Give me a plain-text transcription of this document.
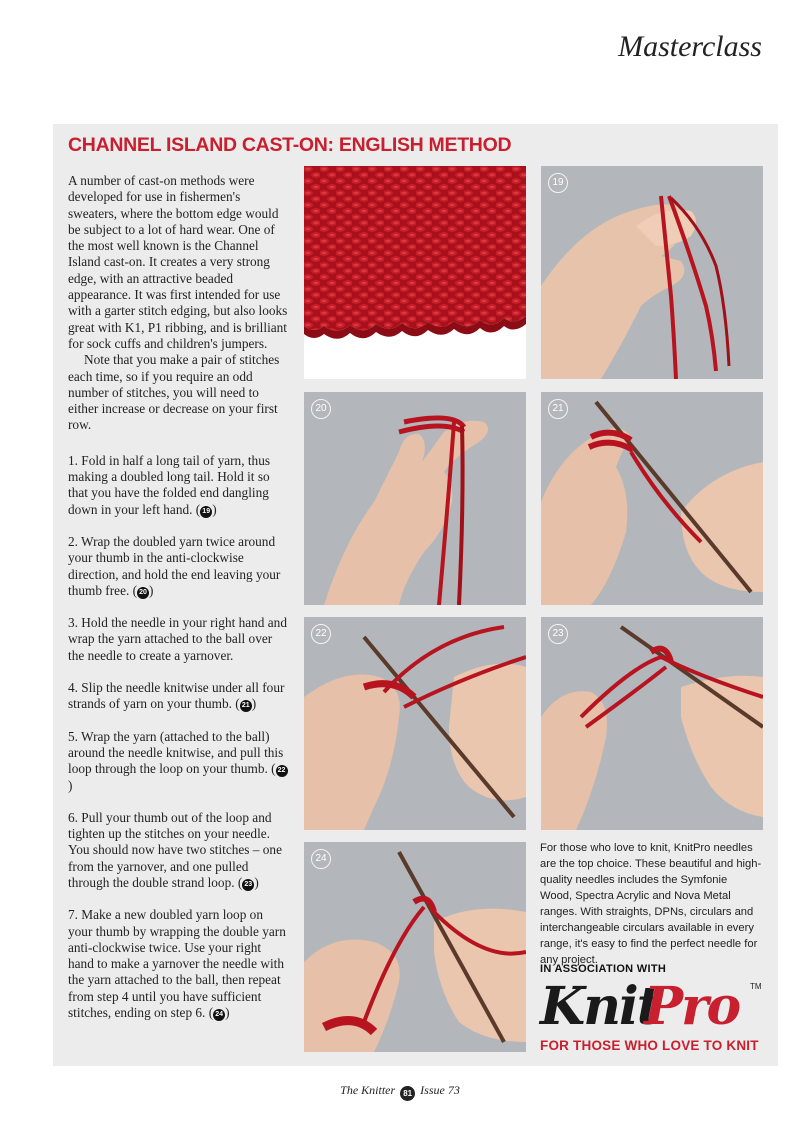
Masterclass
CHANNEL ISLAND CAST-ON: ENGLISH METHOD

A number of cast-on methods were developed for use in fishermen's sweaters, where the bottom edge would be subject to a lot of hard wear. One of the most well known is the Channel Island cast-on. It creates a very strong edge, with an attractive beaded appearance. It was first intended for use with a garter stitch edging, but also looks great with K1, P1 ribbing, and is brilliant for sock cuffs and children's jumpers.

Note that you make a pair of stitches each time, so if you require an odd number of stitches, you will need to either increase or decrease on your first row.

1. Fold in half a long tail of yarn, thus making a doubled long tail. Hold it so that you have the folded end dangling down in your left hand. ( 19 )

2. Wrap the doubled yarn twice around your thumb in the anti-clockwise direction, and hold the end leaving your thumb free. ( 20 )

3. Hold the needle in your right hand and wrap the yarn attached to the ball over the needle to create a yarnover.

4. Slip the needle knitwise under all four strands of yarn on your thumb. ( 21 )

5. Wrap the yarn (attached to the ball) around the needle knitwise, and pull this loop through the loop on your thumb. ( 22)

6. Pull your thumb out of the loop and tighten up the stitches on your needle. You should now have two stitches – one from the yarnover, and one pulled through the double strand loop. ( 23 )

7. Make a new doubled yarn loop on your thumb by wrapping the double yarn anti-clockwise twice. Use your right hand to make a yarnover the needle with the yarn attached to the ball, then repeat from step 4 until you have sufficient stitches, ending on step 6. ( 24 )

19
20	21
22	23
24

For those who love to knit, KnitPro needles are the top choice. These beautiful and high-quality needles includes the Symfonie Wood, Spectra Acrylic and Nova Metal ranges. With straights, DPNs, circulars and interchangeable circulars available in every range, it's easy to find the perfect needle for any project.

IN ASSOCIATION WITH
Knit
Pro TM
FOR THOSE WHO LOVE TO KNIT
The Knitter 81 Issue 73
